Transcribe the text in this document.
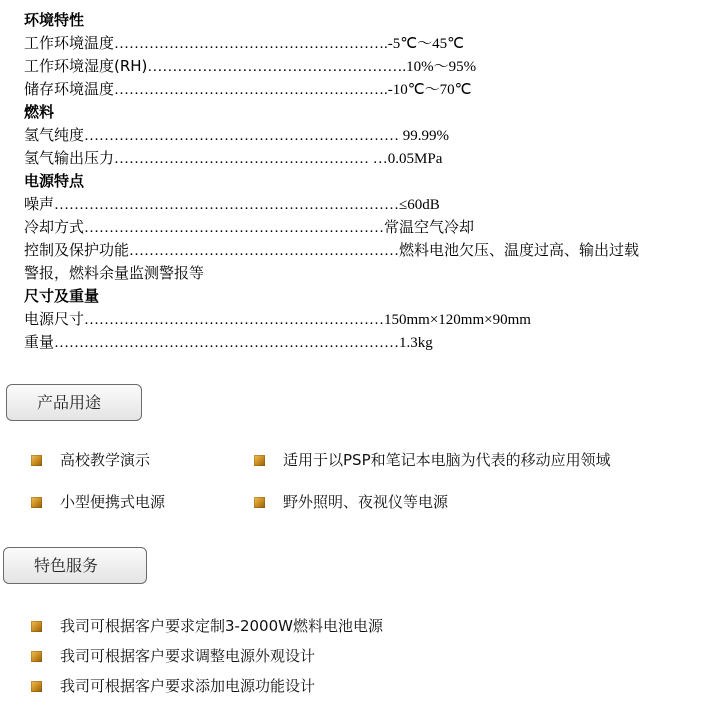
环境特性
工作环境温度……………………………………………….-5℃～45℃
工作环境湿度(RH)…………………………………………….10%～95%
储存环境温度……………………………………………….-10℃～70℃
燃料
氢气纯度……………………………………………………… 99.99%
氢气输出压力…………………………………………… …0.05MPa
电源特点
噪声……………………………………………………………≤60dB
冷却方式……………………………………………………常温空气冷却
控制及保护功能………………………………………………燃料电池欠压、温度过高、输出过载
警报，燃料余量监测警报等
尺寸及重量
电源尺寸……………………………………………………150mm×120mm×90mm
重量……………………………………………………………1.3kg
产品用途
高校教学演示	适用于以PSP和笔记本电脑为代表的移动应用领域
小型便携式电源	野外照明、夜视仪等电源
特色服务
我司可根据客户要求定制3-2000W燃料电池电源
我司可根据客户要求调整电源外观设计
我司可根据客户要求添加电源功能设计
